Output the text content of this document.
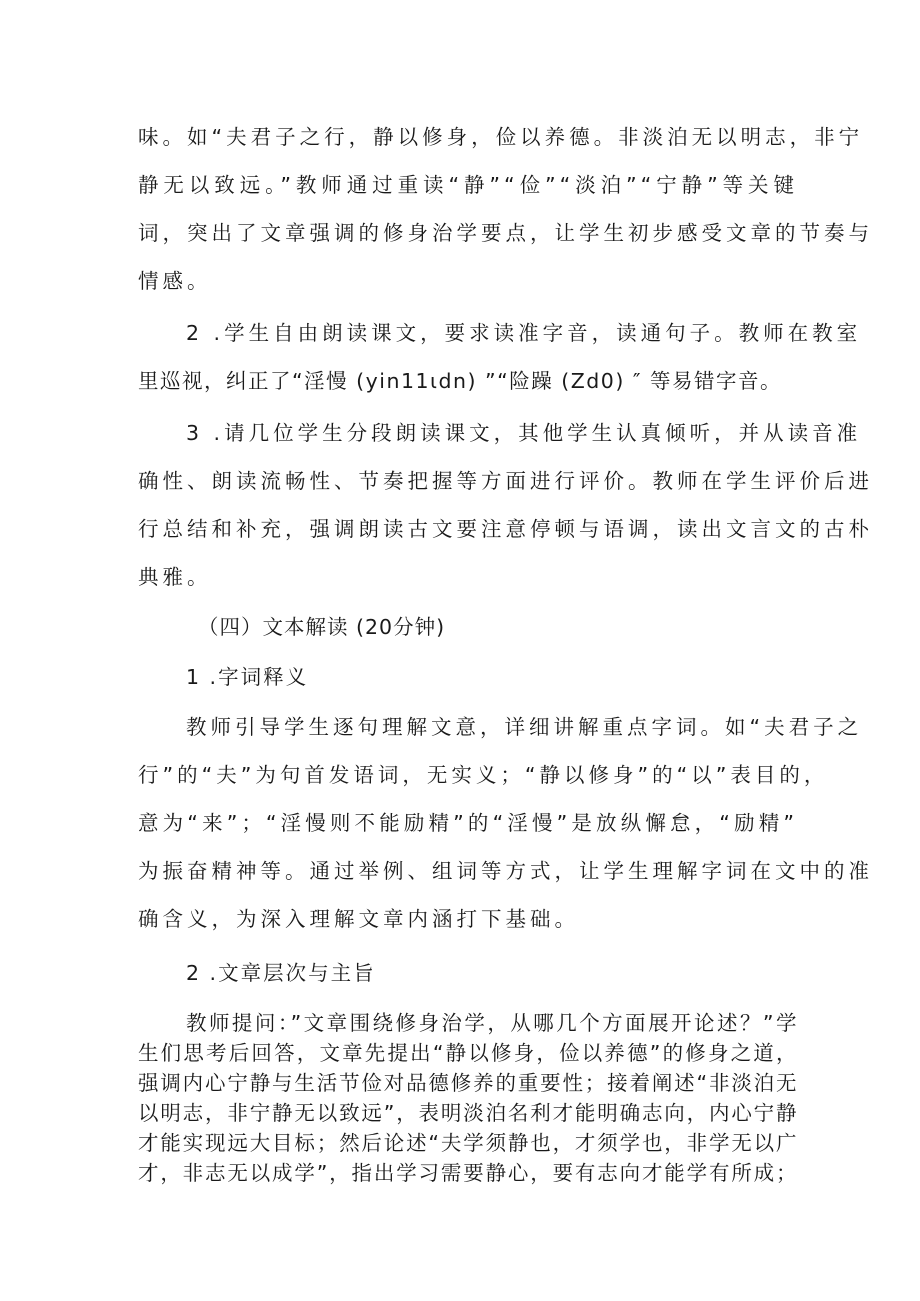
味。如“夫君子之行，静以修身，俭以养德。非淡泊无以明志，非宁
静无以致远。”教师通过重读“静”“俭”“淡泊”“宁静”等关键
词，突出了文章强调的修身治学要点，让学生初步感受文章的节奏与
情感。
2 .学生自由朗读课文，要求读准字音，读通句子。教师在教室
里巡视，纠正了“淫慢 (yin11ιdn) ”“险躁 (Zd0) ″ 等易错字音。
3 .请几位学生分段朗读课文，其他学生认真倾听，并从读音准
确性、朗读流畅性、节奏把握等方面进行评价。教师在学生评价后进
行总结和补充，强调朗读古文要注意停顿与语调，读出文言文的古朴
典雅。
（四）文本解读 (20分钟)
1 .字词释义
教师引导学生逐句理解文意，详细讲解重点字词。如“夫君子之
行”的“夫”为句首发语词，无实义；“静以修身”的“以”表目的，
意为“来”；“淫慢则不能励精”的“淫慢”是放纵懈怠，“励精”
为振奋精神等。通过举例、组词等方式，让学生理解字词在文中的准
确含义，为深入理解文章内涵打下基础。
2 .文章层次与主旨
教师提问：”文章围绕修身治学，从哪几个方面展开论述？”学
生们思考后回答，文章先提出“静以修身，俭以养德”的修身之道，
强调内心宁静与生活节俭对品德修养的重要性；接着阐述“非淡泊无
以明志，非宁静无以致远”，表明淡泊名利才能明确志向，内心宁静
才能实现远大目标；然后论述“夫学须静也，才须学也，非学无以广
才，非志无以成学”，指出学习需要静心，要有志向才能学有所成；
